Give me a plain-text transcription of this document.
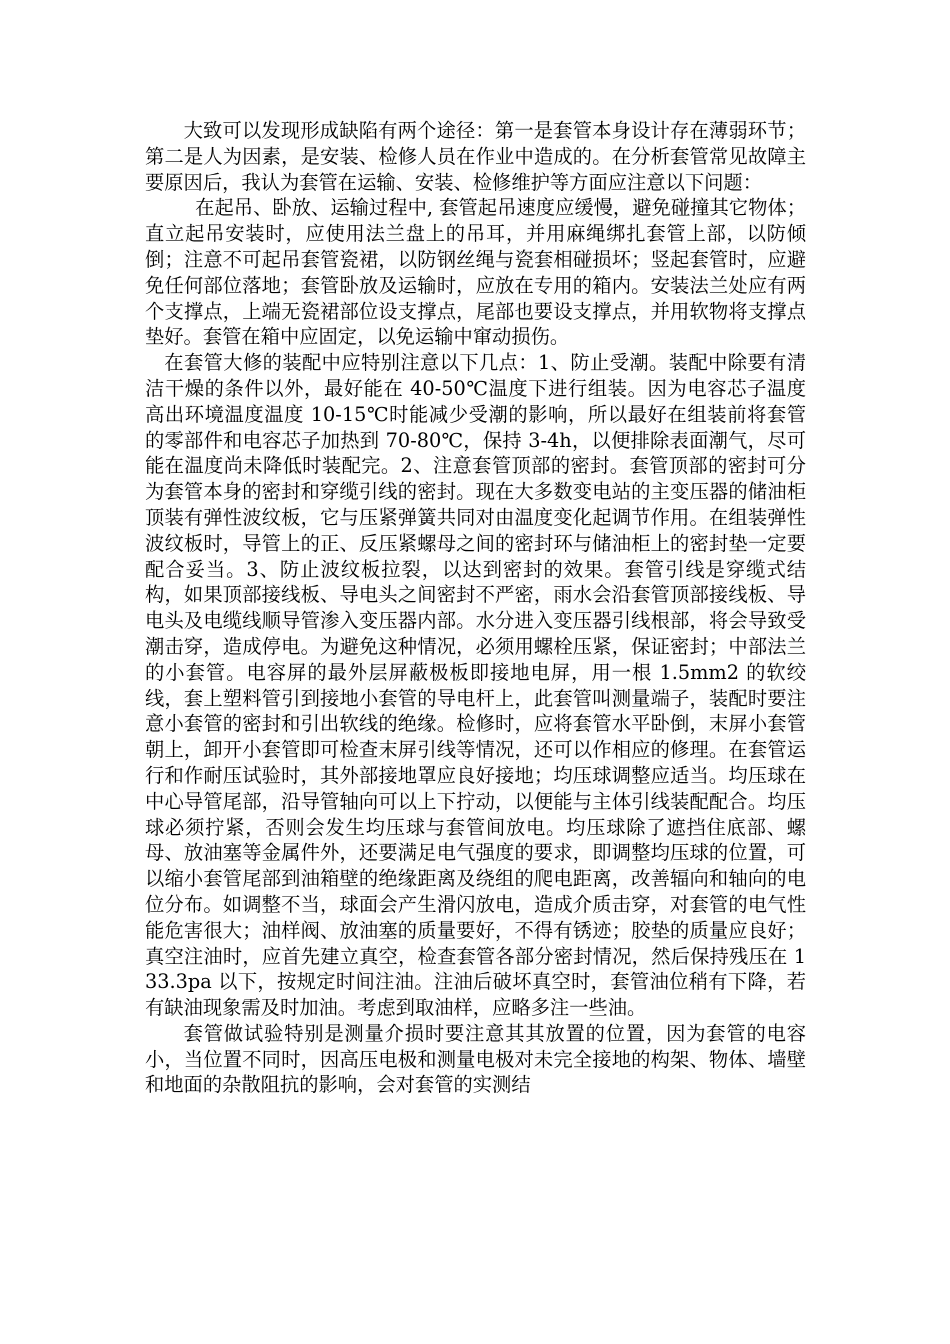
大致可以发现形成缺陷有两个途径：第一是套管本身设计存在薄弱环节；第二是人为因素，是安装、检修人员在作业中造成的。在分析套管常见故障主要原因后，我认为套管在运输、安装、检修维护等方面应注意以下问题：

在起吊、卧放、运输过程中, 套管起吊速度应缓慢，避免碰撞其它物体；直立起吊安装时，应使用法兰盘上的吊耳，并用麻绳绑扎套管上部，以防倾倒；注意不可起吊套管瓷裙，以防钢丝绳与瓷套相碰损坏；竖起套管时，应避免任何部位落地；套管卧放及运输时，应放在专用的箱内。安装法兰处应有两个支撑点，上端无瓷裙部位设支撑点，尾部也要设支撑点，并用软物将支撑点垫好。套管在箱中应固定，以免运输中窜动损伤。

在套管大修的装配中应特别注意以下几点：1、防止受潮。装配中除要有清洁干燥的条件以外，最好能在 40-50℃温度下进行组装。因为电容芯子温度高出环境温度温度 10-15℃时能减少受潮的影响，所以最好在组装前将套管的零部件和电容芯子加热到 70-80℃，保持 3-4h，以便排除表面潮气，尽可能在温度尚未降低时装配完。2、注意套管顶部的密封。套管顶部的密封可分为套管本身的密封和穿缆引线的密封。现在大多数变电站的主变压器的储油柜顶装有弹性波纹板，它与压紧弹簧共同对由温度变化起调节作用。在组装弹性波纹板时，导管上的正、反压紧螺母之间的密封环与储油柜上的密封垫一定要配合妥当。3、防止波纹板拉裂，以达到密封的效果。套管引线是穿缆式结构，如果顶部接线板、导电头之间密封不严密，雨水会沿套管顶部接线板、导电头及电缆线顺导管渗入变压器内部。水分进入变压器引线根部，将会导致受潮击穿，造成停电。为避免这种情况，必须用螺栓压紧，保证密封；中部法兰的小套管。电容屏的最外层屏蔽极板即接地电屏，用一根 1.5mm2 的软绞线，套上塑料管引到接地小套管的导电杆上，此套管叫测量端子，装配时要注意小套管的密封和引出软线的绝缘。检修时，应将套管水平卧倒，末屏小套管朝上，卸开小套管即可检查末屏引线等情况，还可以作相应的修理。在套管运行和作耐压试验时，其外部接地罩应良好接地；均压球调整应适当。均压球在中心导管尾部，沿导管轴向可以上下拧动，以便能与主体引线装配配合。均压球必须拧紧，否则会发生均压球与套管间放电。均压球除了遮挡住底部、螺母、放油塞等金属件外，还要满足电气强度的要求，即调整均压球的位置，可以缩小套管尾部到油箱壁的绝缘距离及绕组的爬电距离，改善辐向和轴向的电位分布。如调整不当，球面会产生滑闪放电，造成介质击穿，对套管的电气性能危害很大；油样阀、放油塞的质量要好，不得有锈迹；胶垫的质量应良好；真空注油时，应首先建立真空，检查套管各部分密封情况，然后保持残压在 133.3pa 以下，按规定时间注油。注油后破坏真空时，套管油位稍有下降，若有缺油现象需及时加油。考虑到取油样，应略多注一些油。

套管做试验特别是测量介损时要注意其其放置的位置，因为套管的电容小，当位置不同时，因高压电极和测量电极对未完全接地的构架、物体、墙壁和地面的杂散阻抗的影响，会对套管的实测结
